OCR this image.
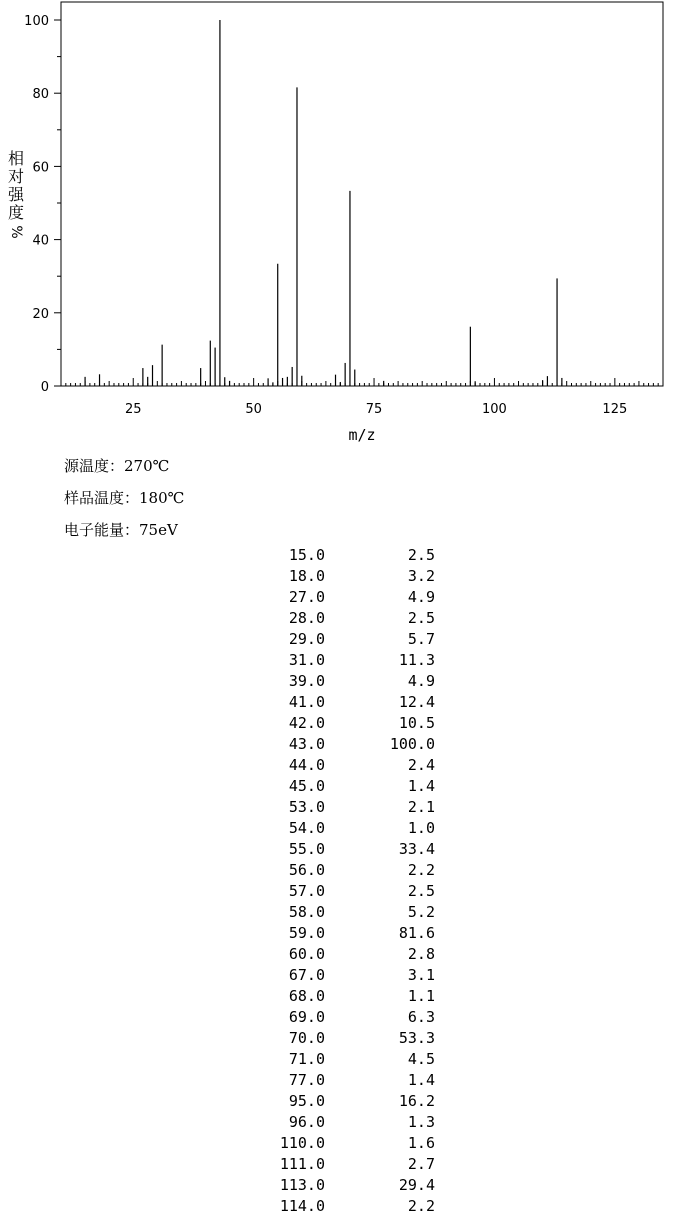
0
20
40
60
80
100
25	50	75	100	125
m/z
相
对
强
度
%
源温度：270℃
样品温度：180℃
电子能量：75eV
15.0	2.5
18.0	3.2
27.0	4.9
28.0	2.5
29.0	5.7
31.0	11.3
39.0	4.9
41.0	12.4
42.0	10.5
43.0	100.0
44.0	2.4
45.0	1.4
53.0	2.1
54.0	1.0
55.0	33.4
56.0	2.2
57.0	2.5
58.0	5.2
59.0	81.6
60.0	2.8
67.0	3.1
68.0	1.1
69.0	6.3
70.0	53.3
71.0	4.5
77.0	1.4
95.0	16.2
96.0	1.3
110.0	1.6
111.0	2.7
113.0	29.4
114.0	2.2
